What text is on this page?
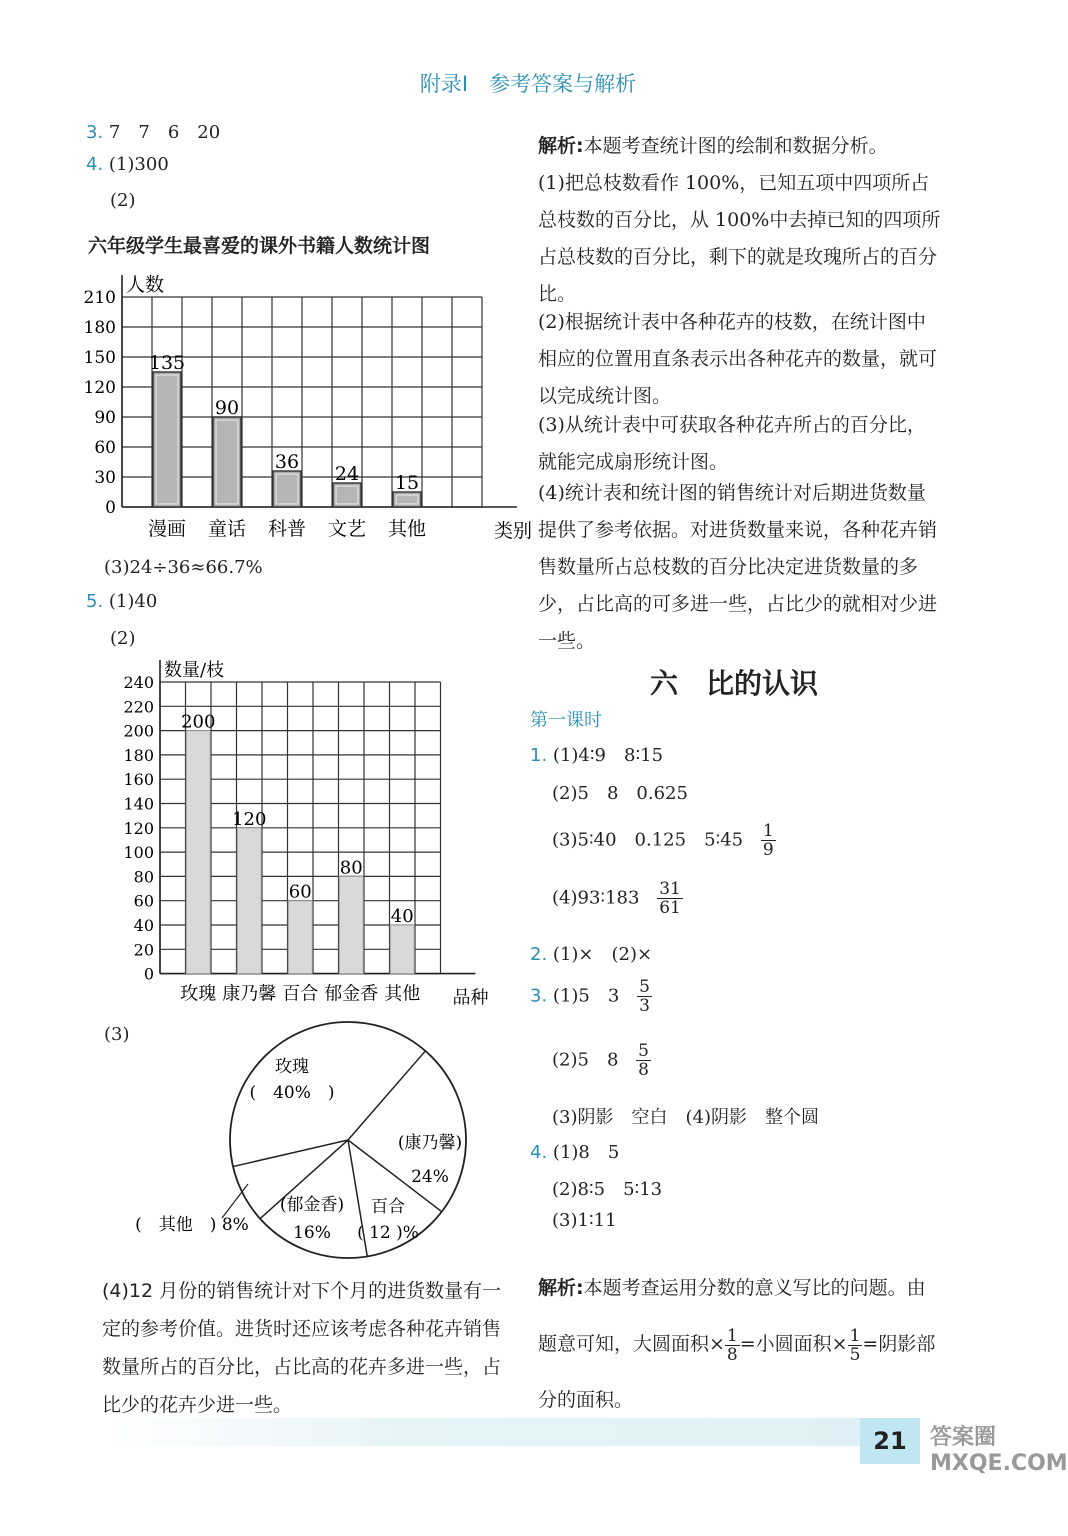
附录Ⅰ　参考答案与解析
3. 7　7　6　20
4. (1)300
(2)
六年级学生最喜爱的课外书籍人数统计图
210
180
150
120
90
60
30
0
人数
类别
135
漫画
90
童话
36
科普
24
文艺
15
其他
(3)24÷36≈66.7%
5. (1)40
(2)
240
220
200
180
160
140
120
100
80
60
40
20
0
数量/枝
品种
200
玫瑰
120
康乃馨
60
百合
80
郁金香
40
其他
(3)
玫瑰
(　40%　)
(康乃馨)
24%
百合
( 12 )%
(郁金香)
16%
(　其他　) 8%
(4)12 月份的销售统计对下个月的进货数量有一定的参考价值。进货时还应该考虑各种花卉销售数量所占的百分比，占比高的花卉多进一些，占比少的花卉少进一些。
解析:本题考查统计图的绘制和数据分析。
(1)把总枝数看作 100%，已知五项中四项所占总枝数的百分比，从 100%中去掉已知的四项所占总枝数的百分比，剩下的就是玫瑰所占的百分比。
(2)根据统计表中各种花卉的枝数，在统计图中相应的位置用直条表示出各种花卉的数量，就可以完成统计图。
(3)从统计表中可获取各种花卉所占的百分比，就能完成扇形统计图。
(4)统计表和统计图的销售统计对后期进货数量提供了参考依据。对进货数量来说，各种花卉销售数量所占总枝数的百分比决定进货数量的多少，占比高的可多进一些，占比少的就相对少进一些。
六　比的认识
第一课时
1. (1)4∶9　8∶15
(2)5　8　0.625
(3)5∶40　0.125　5∶45 $\frac{1}{9}$
(4)93∶183 $\frac{31}{61}$
2. (1)×　(2)×
3. (1)5　$3 \frac{5}{3}$
(2)5　$8 \frac{5}{8}$
(3)阴影　空白　(4)阴影　整个圆
4. (1)8　5
(2)8∶5　5∶13
(3)1∶11
解析:本题考查运用分数的意义写比的问题。由题意可知，大圆面积× $\frac{1}{8}$ =小圆面积× $\frac{1}{5}$ =阴影部分的面积。
21	答案圈 MXQE.COM
